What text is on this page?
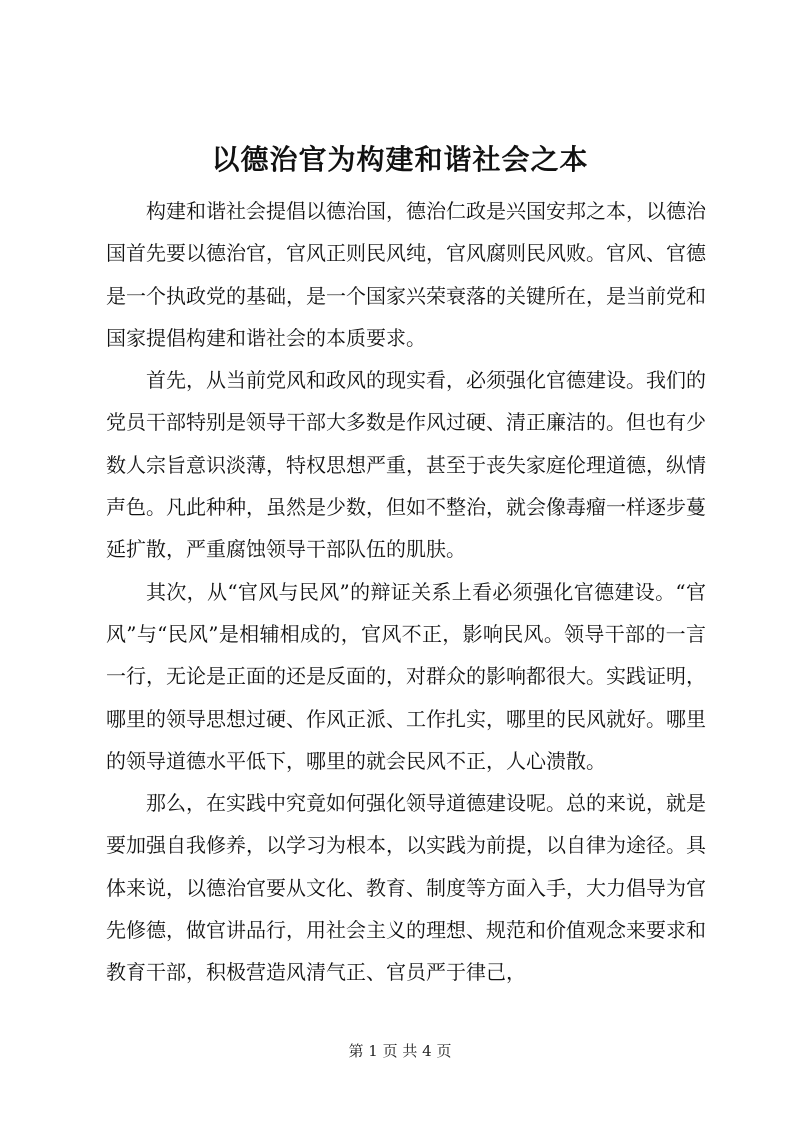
以德治官为构建和谐社会之本

构建和谐社会提倡以德治国，德治仁政是兴国安邦之本，以德治国首先要以德治官，官风正则民风纯，官风腐则民风败。官风、官德是一个执政党的基础，是一个国家兴荣衰落的关键所在，是当前党和国家提倡构建和谐社会的本质要求。

首先，从当前党风和政风的现实看，必须强化官德建设。我们的党员干部特别是领导干部大多数是作风过硬、清正廉洁的。但也有少数人宗旨意识淡薄，特权思想严重，甚至于丧失家庭伦理道德，纵情声色。凡此种种，虽然是少数，但如不整治，就会像毒瘤一样逐步蔓延扩散，严重腐蚀领导干部队伍的肌肤。

其次，从“官风与民风”的辩证关系上看必须强化官德建设。“官风”与“民风”是相辅相成的，官风不正，影响民风。领导干部的一言一行，无论是正面的还是反面的，对群众的影响都很大。实践证明，哪里的领导思想过硬、作风正派、工作扎实，哪里的民风就好。哪里的领导道德水平低下，哪里的就会民风不正，人心溃散。

那么，在实践中究竟如何强化领导道德建设呢。总的来说，就是要加强自我修养，以学习为根本，以实践为前提，以自律为途径。具体来说，以德治官要从文化、教育、制度等方面入手，大力倡导为官先修德，做官讲品行，用社会主义的理想、规范和价值观念来要求和教育干部，积极营造风清气正、官员严于律己，

第 1 页 共 4 页
